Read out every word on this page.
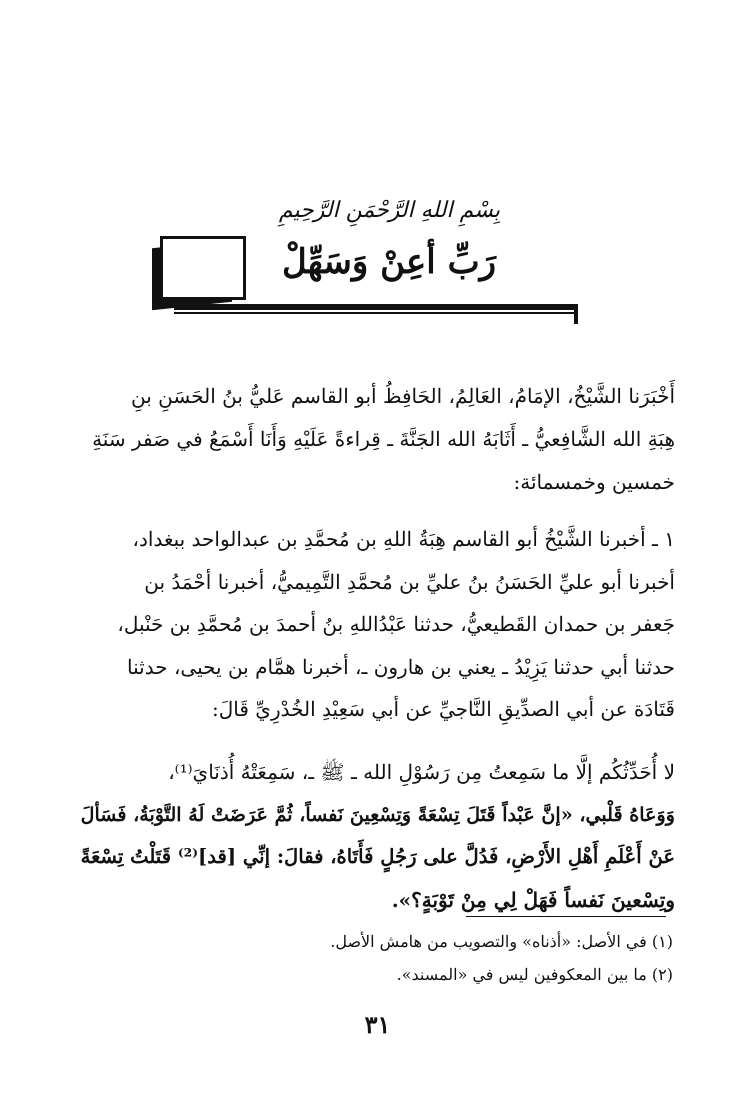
بِسْمِ اللهِ الرَّحْمَنِ الرَّحِيمِ
رَبِّ أعِنْ وَسَهِّلْ
أَخْبَرَنا الشَّيْخُ، الإمَامُ، العَالِمُ، الحَافِظُ أبو القاسم عَليُّ بنُ الحَسَنِ بنِ
هِبَةِ الله الشَّافِعيُّ ـ أَثَابَهُ الله الجَنَّةَ ـ قِراءةً عَلَيْهِ وَأَنَا أَسْمَعُ في صَفر سَنَةِ
خمسين وخمسمائة:
١ ـ أخبرنا الشَّيْخُ أبو القاسم هِبَةُ اللهِ بن مُحمَّدِ بن عبدالواحد ببغداد،
أخبرنا أبو عليِّ الحَسَنُ بنُ عليِّ بن مُحمَّدِ التَّمِيميُّ، أخبرنا أحْمَدُ بن
جَعفر بن حمدان القَطيعيُّ، حدثنا عَبْدُاللهِ بنُ أحمدَ بن مُحمَّدِ بن حَنْبل،
حدثنا أبي حدثنا يَزِيْدُ ـ يعني بن هارون ـ، أخبرنا همَّام بن يحيى، حدثنا
قَتَادَة عن أبي الصدِّيقِ النَّاجيِّ عن أبي سَعِيْدِ الخُدْرِيِّ قَالَ:
لا أُحَدِّثُكُم إلَّا ما سَمِعتُ مِن رَسُوْلِ الله ـ ﷺ ـ، سَمِعَتْهُ أُذنَايَ⁽¹⁾،
وَوَعَاهُ قَلْبي، «إنَّ عَبْداً قَتَلَ تِسْعَةً وَتِسْعِينَ نَفساً، ثُمَّ عَرَضَتْ لَهُ التَّوْبَةُ، فَسَألَ
عَنْ أَعْلَمِ أَهْلِ الأَرْضِ، فَدُلَّ على رَجُلٍ فَأَتَاهُ، فقالَ: إنِّي [قد]⁽²⁾ قَتَلْتُ تِسْعَةً
وتِسْعينَ نَفساً فَهَلْ لِي مِنْ تَوْبَةٍ؟».
(١) في الأصل: «أذناه» والتصويب من هامش الأصل.
(٢) ما بين المعكوفين ليس في «المسند».
٣١
